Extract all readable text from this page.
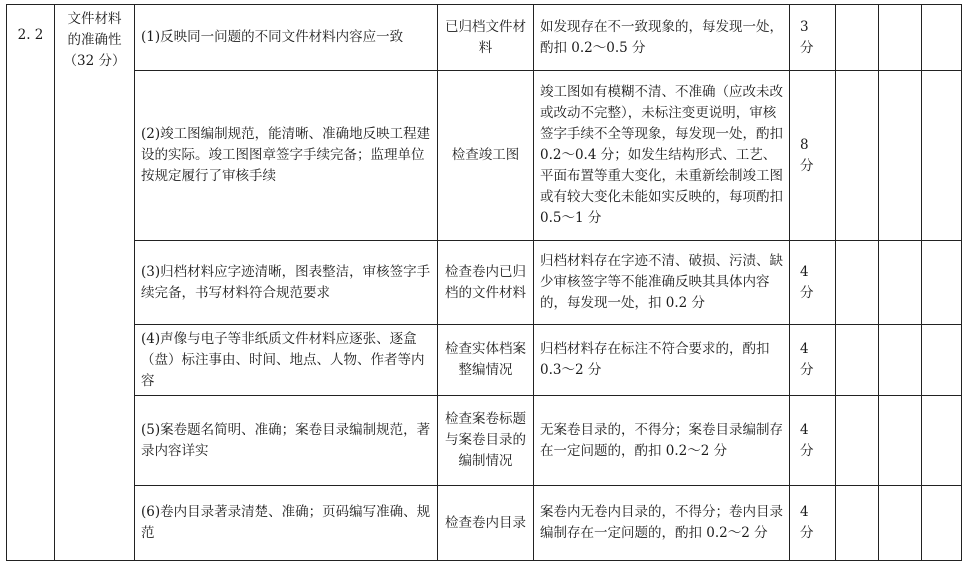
2. 2	文件材料的准确性（32 分）	(1)反映同一问题的不同文件材料内容应一致	已归档文件材料	如发现存在不一致现象的，每发现一处，酌扣 0.2～0.5 分	3 分			
		(2)竣工图编制规范，能清晰、准确地反映工程建设的实际。竣工图图章签字手续完备；监理单位按规定履行了审核手续	检查竣工图	竣工图如有模糊不清、不准确（应改未改或改动不完整），未标注变更说明，审核签字手续不全等现象，每发现一处，酌扣 0.2～0.4 分；如发生结构形式、工艺、平面布置等重大变化，未重新绘制竣工图或有较大变化未能如实反映的，每项酌扣 0.5～1 分	8 分			
		(3)归档材料应字迹清晰，图表整洁，审核签字手续完备，书写材料符合规范要求	检查卷内已归档的文件材料	归档材料存在字迹不清、破损、污渍、缺少审核签字等不能准确反映其具体内容的，每发现一处，扣 0.2 分	4 分			
		(4)声像与电子等非纸质文件材料应逐张、逐盒（盘）标注事由、时间、地点、人物、作者等内容	检查实体档案整编情况	归档材料存在标注不符合要求的，酌扣 0.3～2 分	4 分			
		(5)案卷题名简明、准确；案卷目录编制规范，著录内容详实	检查案卷标题与案卷目录的编制情况	无案卷目录的，不得分；案卷目录编制存在一定问题的，酌扣 0.2～2 分	4 分			
		(6)卷内目录著录清楚、准确；页码编写准确、规范	检查卷内目录	案卷内无卷内目录的，不得分；卷内目录编制存在一定问题的，酌扣 0.2～2 分	4 分			
